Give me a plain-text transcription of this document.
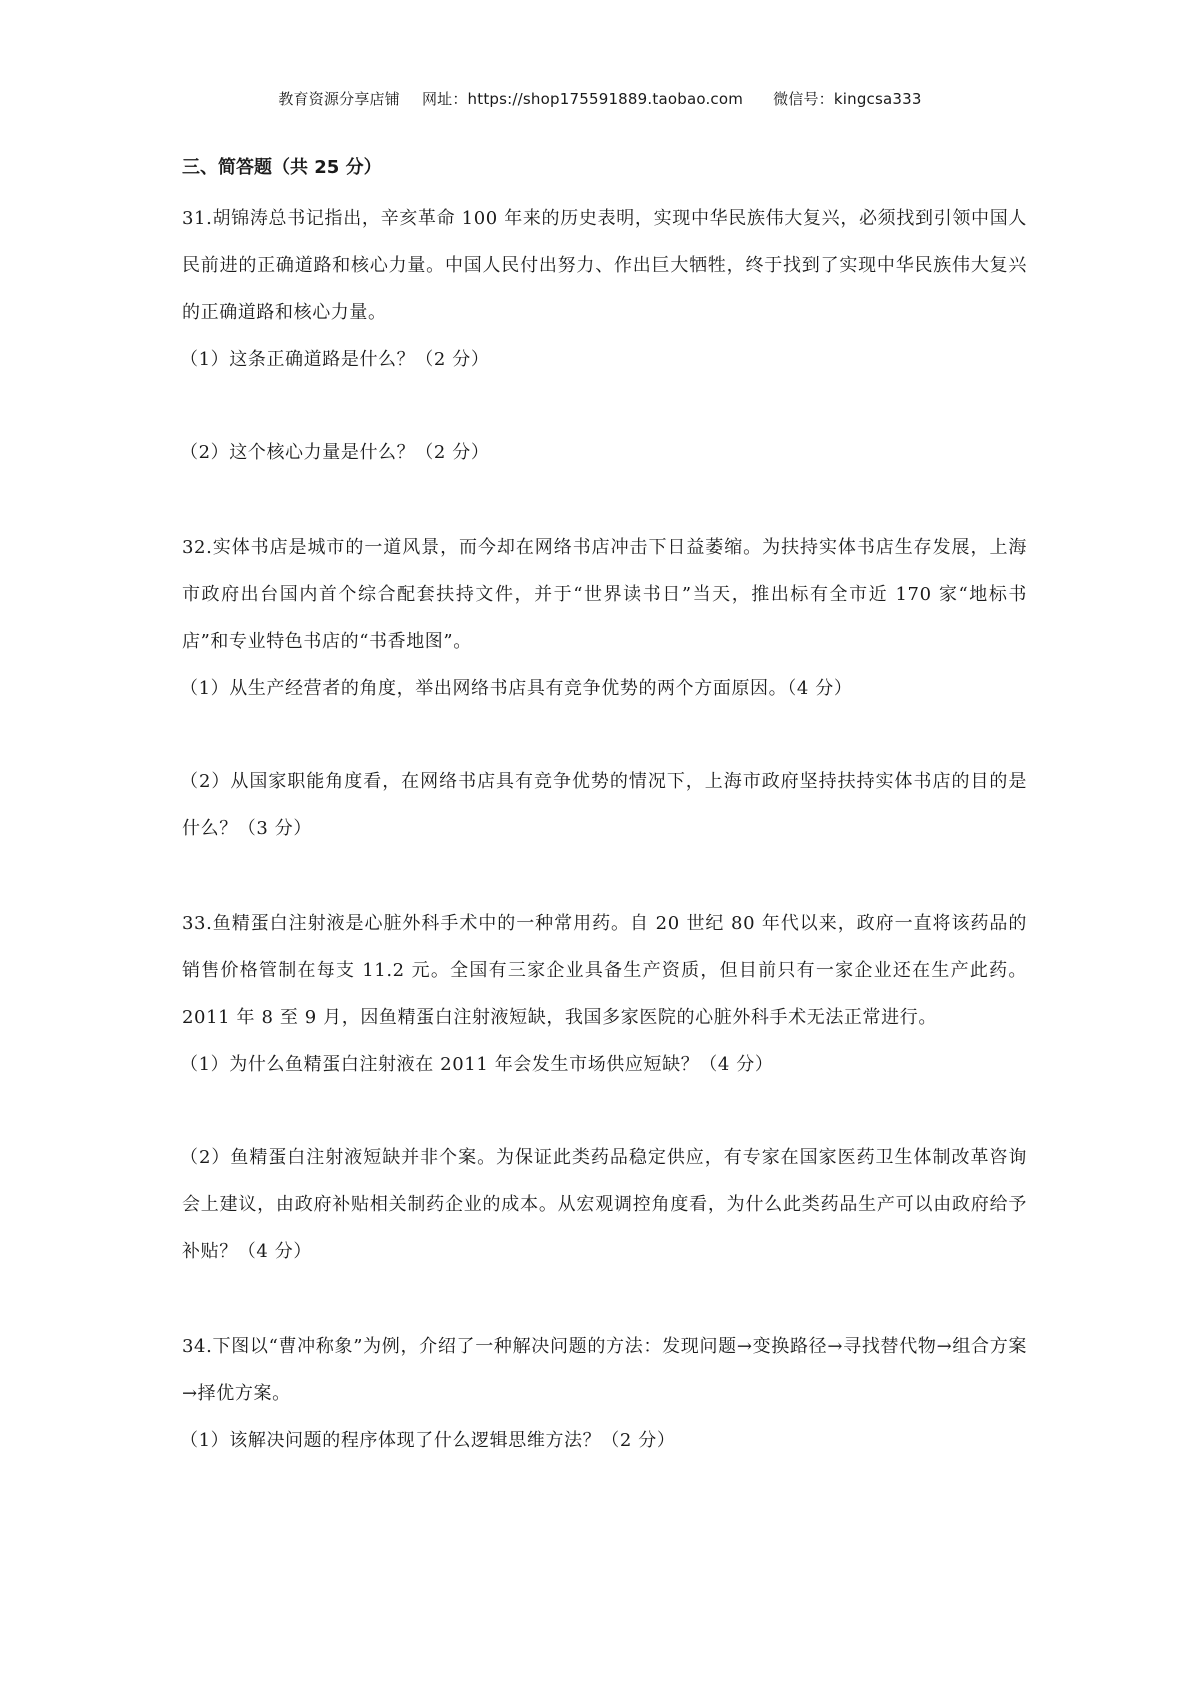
教育资源分享店铺 网址：https://shop175591889.taobao.com 微信号：kingcsa333

三、简答题（共 25 分）

31.胡锦涛总书记指出，辛亥革命 100 年来的历史表明，实现中华民族伟大复兴，必须找到引领中国人民前进的正确道路和核心力量。中国人民付出努力、作出巨大牺牲，终于找到了实现中华民族伟大复兴的正确道路和核心力量。

（1）这条正确道路是什么？（2 分）

（2）这个核心力量是什么？（2 分）

32.实体书店是城市的一道风景，而今却在网络书店冲击下日益萎缩。为扶持实体书店生存发展，上海市政府出台国内首个综合配套扶持文件，并于“世界读书日”当天，推出标有全市近 170 家“地标书店”和专业特色书店的“书香地图”。

（1）从生产经营者的角度，举出网络书店具有竞争优势的两个方面原因。（4 分）

（2）从国家职能角度看，在网络书店具有竞争优势的情况下，上海市政府坚持扶持实体书店的目的是什么？（3 分）

33.鱼精蛋白注射液是心脏外科手术中的一种常用药。自 20 世纪 80 年代以来，政府一直将该药品的销售价格管制在每支 11.2 元。全国有三家企业具备生产资质，但目前只有一家企业还在生产此药。2011 年 8 至 9 月，因鱼精蛋白注射液短缺，我国多家医院的心脏外科手术无法正常进行。

（1）为什么鱼精蛋白注射液在 2011 年会发生市场供应短缺？（4 分）

（2）鱼精蛋白注射液短缺并非个案。为保证此类药品稳定供应，有专家在国家医药卫生体制改革咨询会上建议，由政府补贴相关制药企业的成本。从宏观调控角度看，为什么此类药品生产可以由政府给予补贴？（4 分）

34.下图以“曹冲称象”为例，介绍了一种解决问题的方法：发现问题→变换路径→寻找替代物→组合方案→择优方案。

（1）该解决问题的程序体现了什么逻辑思维方法？（2 分）
